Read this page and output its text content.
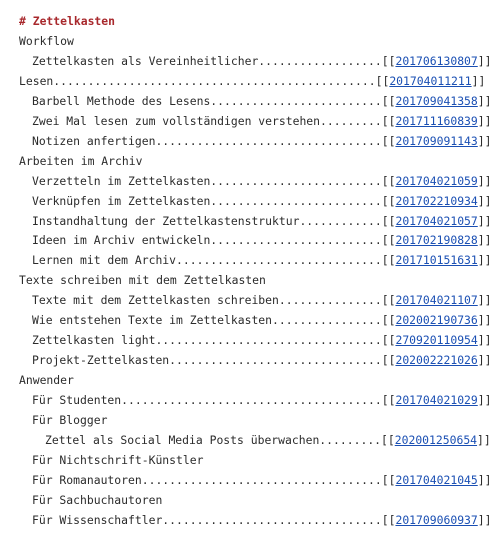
# Zettelkasten
Workflow
Zettelkasten als Vereinheitlicher..................[[201706130807]]
Lesen...............................................[[201704011211]]
Barbell Methode des Lesens.........................[[201709041358]]
Zwei Mal lesen zum vollständigen verstehen.........[[201711160839]]
Notizen anfertigen.................................[[201709091143]]
Arbeiten im Archiv
Verzetteln im Zettelkasten.........................[[201704021059]]
Verknüpfen im Zettelkasten.........................[[201702210934]]
Instandhaltung der Zettelkastenstruktur............[[201704021057]]
Ideen im Archiv entwickeln.........................[[201702190828]]
Lernen mit dem Archiv..............................[[201710151631]]
Texte schreiben mit dem Zettelkasten
Texte mit dem Zettelkasten schreiben...............[[201704021107]]
Wie entstehen Texte im Zettelkasten................[[202002190736]]
Zettelkasten light.................................[[270920110954]]
Projekt-Zettelkasten...............................[[202002221026]]
Anwender
Für Studenten......................................[[201704021029]]
Für Blogger
Zettel als Social Media Posts überwachen.........[[202001250654]]
Für Nichtschrift-Künstler
Für Romanautoren...................................[[201704021045]]
Für Sachbuchautoren
Für Wissenschaftler................................[[201709060937]]
